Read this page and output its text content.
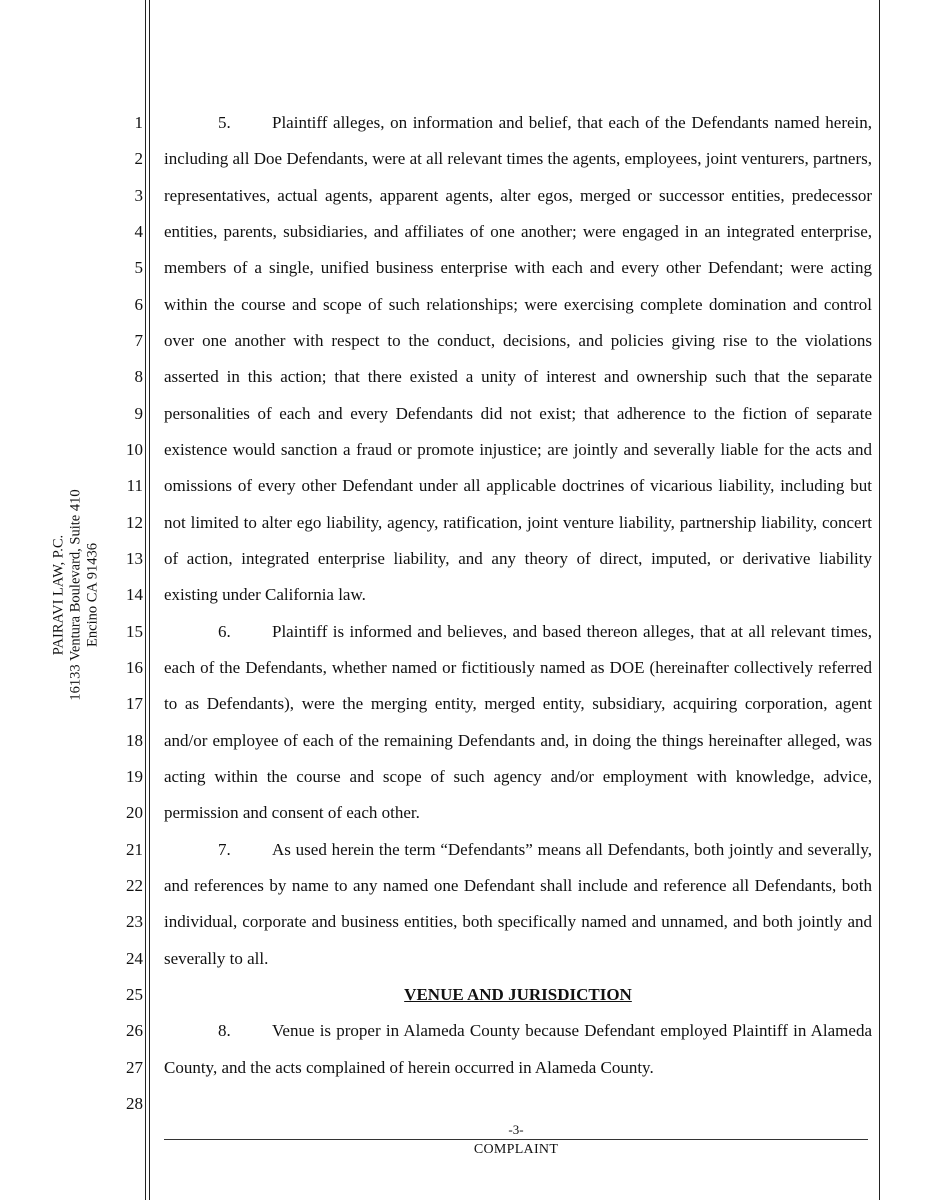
PAIRAVI LAW, P.C. 16133 Ventura Boulevard, Suite 410 Encino CA 91436
1
2
3
4
5
6
7
8
9
10
11
12
13
14
15
16
17
18
19
20
21
22
23
24
25
26
27
28

5. Plaintiff alleges, on information and belief, that each of the Defendants named herein, including all Doe Defendants, were at all relevant times the agents, employees, joint venturers, partners, representatives, actual agents, apparent agents, alter egos, merged or successor entities, predecessor entities, parents, subsidiaries, and affiliates of one another; were engaged in an integrated enterprise, members of a single, unified business enterprise with each and every other Defendant; were acting within the course and scope of such relationships; were exercising complete domination and control over one another with respect to the conduct, decisions, and policies giving rise to the violations asserted in this action; that there existed a unity of interest and ownership such that the separate personalities of each and every Defendants did not exist; that adherence to the fiction of separate existence would sanction a fraud or promote injustice; are jointly and severally liable for the acts and omissions of every other Defendant under all applicable doctrines of vicarious liability, including but not limited to alter ego liability, agency, ratification, joint venture liability, partnership liability, concert of action, integrated enterprise liability, and any theory of direct, imputed, or derivative liability existing under California law.

6. Plaintiff is informed and believes, and based thereon alleges, that at all relevant times, each of the Defendants, whether named or fictitiously named as DOE (hereinafter collectively referred to as Defendants), were the merging entity, merged entity, subsidiary, acquiring corporation, agent and/or employee of each of the remaining Defendants and, in doing the things hereinafter alleged, was acting within the course and scope of such agency and/or employment with knowledge, advice, permission and consent of each other.

7. As used herein the term “Defendants” means all Defendants, both jointly and severally, and references by name to any named one Defendant shall include and reference all Defendants, both individual, corporate and business entities, both specifically named and unnamed, and both jointly and severally to all.

VENUE AND JURISDICTION

8. Venue is proper in Alameda County because Defendant employed Plaintiff in Alameda County, and the acts complained of herein occurred in Alameda County.

-3-
COMPLAINT
